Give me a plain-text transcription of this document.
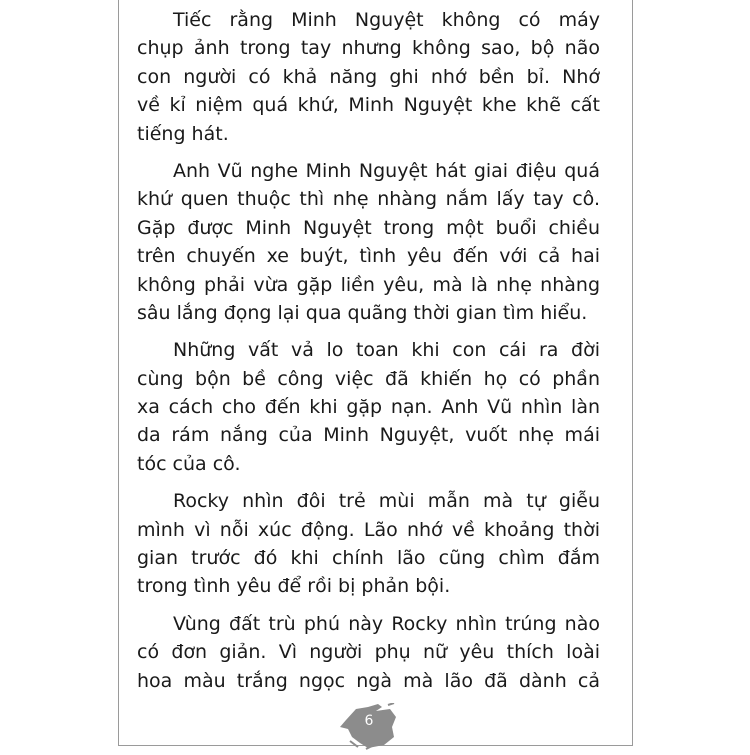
Tiếc rằng Minh Nguyệt không có máy
chụp ảnh trong tay nhưng không sao, bộ não
con người có khả năng ghi nhớ bền bỉ. Nhớ
về kỉ niệm quá khứ, Minh Nguyệt khe khẽ cất
tiếng hát.
Anh Vũ nghe Minh Nguyệt hát giai điệu quá
khứ quen thuộc thì nhẹ nhàng nắm lấy tay cô.
Gặp được Minh Nguyệt trong một buổi chiều
trên chuyến xe buýt, tình yêu đến với cả hai
không phải vừa gặp liền yêu, mà là nhẹ nhàng
sâu lắng đọng lại qua quãng thời gian tìm hiểu.
Những vất vả lo toan khi con cái ra đời
cùng bộn bề công việc đã khiến họ có phần
xa cách cho đến khi gặp nạn. Anh Vũ nhìn làn
da rám nắng của Minh Nguyệt, vuốt nhẹ mái
tóc của cô.
Rocky nhìn đôi trẻ mùi mẫn mà tự giễu
mình vì nỗi xúc động. Lão nhớ về khoảng thời
gian trước đó khi chính lão cũng chìm đắm
trong tình yêu để rồi bị phản bội.
Vùng đất trù phú này Rocky nhìn trúng nào
có đơn giản. Vì người phụ nữ yêu thích loài
hoa màu trắng ngọc ngà mà lão đã dành cả
6
